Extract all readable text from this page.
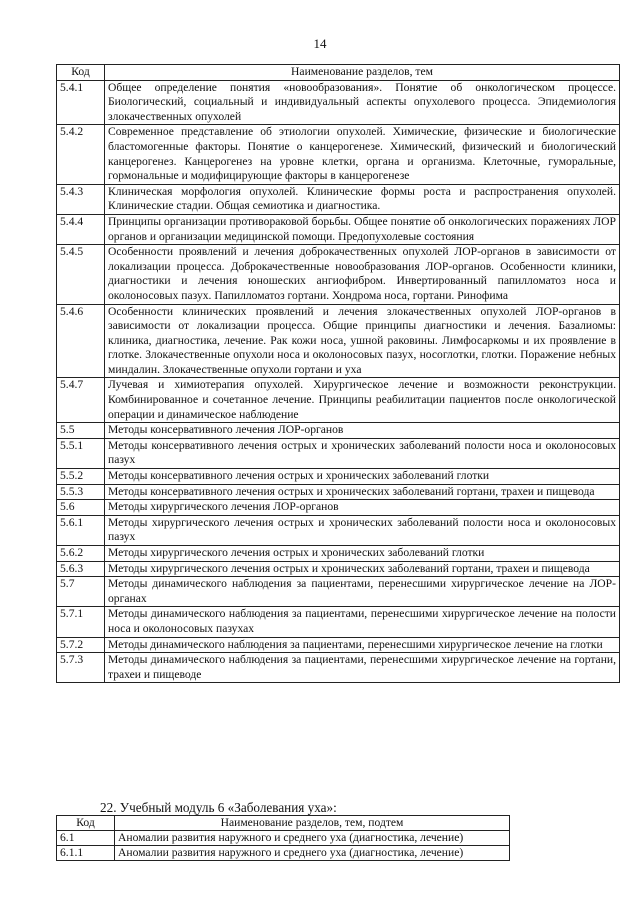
14
Код	Наименование разделов, тем
5.4.1	Общее определение понятия «новообразования». Понятие об онкологическом процессе. Биологический, социальный и индивидуальный аспекты опухолевого процесса. Эпидемиология злокачественных опухолей
5.4.2	Современное представление об этиологии опухолей. Химические, физические и биологические бластомогенные факторы. Понятие о канцерогенезе. Химический, физический и биологический канцерогенез. Канцерогенез на уровне клетки, органа и организма. Клеточные, гуморальные, гормональные и модифицирующие факторы в канцерогенезе
5.4.3	Клиническая морфология опухолей. Клинические формы роста и распространения опухолей. Клинические стадии. Общая семиотика и диагностика.
5.4.4	Принципы организации противораковой борьбы. Общее понятие об онкологических поражениях ЛОР органов и организации медицинской помощи. Предопухолевые состояния
5.4.5	Особенности проявлений и лечения доброкачественных опухолей ЛОР-органов в зависимости от локализации процесса. Доброкачественные новообразования ЛОР-органов. Особенности клиники, диагностики и лечения юношеских ангиофибром. Инвертированный папилломатоз носа и околоносовых пазух. Папилломатоз гортани. Хондрома носа, гортани. Ринофима
5.4.6	Особенности клинических проявлений и лечения злокачественных опухолей ЛОР-органов в зависимости от локализации процесса. Общие принципы диагностики и лечения. Базалиомы: клиника, диагностика, лечение. Рак кожи носа, ушной раковины. Лимфосаркомы и их проявление в глотке. Злокачественные опухоли носа и околоносовых пазух, носоглотки, глотки. Поражение небных миндалин. Злокачественные опухоли гортани и уха
5.4.7	Лучевая и химиотерапия опухолей. Хирургическое лечение и возможности реконструкции. Комбинированное и сочетанное лечение. Принципы реабилитации пациентов после онкологической операции и динамическое наблюдение
5.5	Методы консервативного лечения ЛОР-органов
5.5.1	Методы консервативного лечения острых и хронических заболеваний полости носа и околоносовых пазух
5.5.2	Методы консервативного лечения острых и хронических заболеваний глотки
5.5.3	Методы консервативного лечения острых и хронических заболеваний гортани, трахеи и пищевода
5.6	Методы хирургического лечения ЛОР-органов
5.6.1	Методы хирургического лечения острых и хронических заболеваний полости носа и околоносовых пазух
5.6.2	Методы хирургического лечения острых и хронических заболеваний глотки
5.6.3	Методы хирургического лечения острых и хронических заболеваний гортани, трахеи и пищевода
5.7	Методы динамического наблюдения за пациентами, перенесшими хирургическое лечение на ЛОР-органах
5.7.1	Методы динамического наблюдения за пациентами, перенесшими хирургическое лечение на полости носа и околоносовых пазухах
5.7.2	Методы динамического наблюдения за пациентами, перенесшими хирургическое лечение на глотки
5.7.3	Методы динамического наблюдения за пациентами, перенесшими хирургическое лечение на гортани, трахеи и пищеводе
22. Учебный модуль 6 «Заболевания уха»:
Код	Наименование разделов, тем, подтем
6.1	Аномалии развития наружного и среднего уха (диагностика, лечение)
6.1.1	Аномалии развития наружного и среднего уха (диагностика, лечение)
